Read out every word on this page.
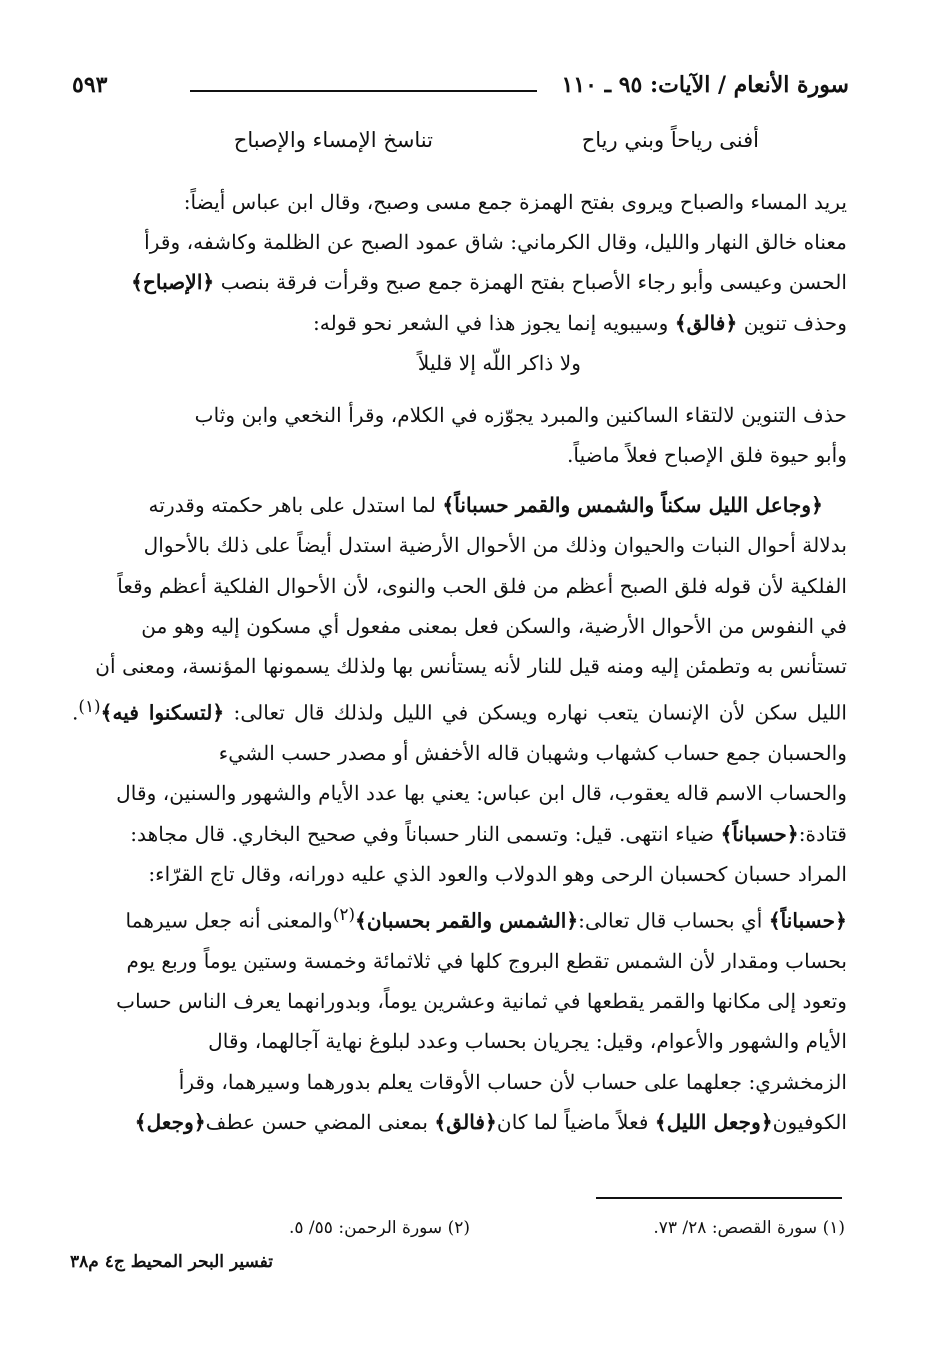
سورة الأنعام / الآيات: ٩٥ ـ ١١٠
٥٩٣
أفنى رياحاً وبني رياح
تناسخ الإمساء والإصباح

يريد المساء والصباح ويروى بفتح الهمزة جمع مسى وصبح، وقال ابن عباس أيضاً:
معناه خالق النهار والليل، وقال الكرماني: شاق عمود الصبح عن الظلمة وكاشفه، وقرأ
الحسن وعيسى وأبو رجاء الأصباح بفتح الهمزة جمع صبح وقرأت فرقة بنصب ﴿الإصباح﴾
وحذف تنوين ﴿فالق﴾ وسيبويه إنما يجوز هذا في الشعر نحو قوله:

ولا ذاكر اللّه إلا قليلاً

حذف التنوين لالتقاء الساكنين والمبرد يجوّزه في الكلام، وقرأ النخعي وابن وثاب
وأبو حيوة فلق الإصباح فعلاً ماضياً.

﴿وجاعل الليل سكناً والشمس والقمر حسباناً﴾ لما استدل على باهر حكمته وقدرته
بدلالة أحوال النبات والحيوان وذلك من الأحوال الأرضية استدل أيضاً على ذلك بالأحوال
الفلكية لأن قوله فلق الصبح أعظم من فلق الحب والنوى، لأن الأحوال الفلكية أعظم وقعاً
في النفوس من الأحوال الأرضية، والسكن فعل بمعنى مفعول أي مسكون إليه وهو من
تستأنس به وتطمئن إليه ومنه قيل للنار لأنه يستأنس بها ولذلك يسمونها المؤنسة، ومعنى أن
الليل سكن لأن الإنسان يتعب نهاره ويسكن في الليل ولذلك قال تعالى: ﴿لتسكنوا فيه﴾$^{(١)}$. والحسبان جمع حساب كشهاب وشهبان قاله الأخفش أو مصدر حسب الشيء
والحساب الاسم قاله يعقوب، قال ابن عباس: يعني بها عدد الأيام والشهور والسنين، وقال
قتادة:﴿حسباناً﴾ ضياء انتهى. قيل: وتسمى النار حسباناً وفي صحيح البخاري. قال مجاهد:
المراد حسبان كحسبان الرحى وهو الدولاب والعود الذي عليه دورانه، وقال تاج القرّاء:
﴿حسباناً﴾ أي بحساب قال تعالى:﴿الشمس والقمر بحسبان﴾$^{(٢)}$والمعنى أنه جعل سيرهما
بحساب ومقدار لأن الشمس تقطع البروج كلها في ثلاثمائة وخمسة وستين يوماً وربع يوم
وتعود إلى مكانها والقمر يقطعها في ثمانية وعشرين يوماً، وبدورانهما يعرف الناس حساب
الأيام والشهور والأعوام، وقيل: يجريان بحساب وعدد لبلوغ نهاية آجالهما، وقال
الزمخشري: جعلهما على حساب لأن حساب الأوقات يعلم بدورهما وسيرهما، وقرأ
الكوفيون﴿وجعل الليل﴾ فعلاً ماضياً لما كان﴿فالق﴾ بمعنى المضي حسن عطف﴿وجعل﴾

(١) سورة القصص: ٢٨/ ٧٣.
(٢) سورة الرحمن: ٥٥/ ٥.
تفسير البحر المحيط ج٤ م٣٨
